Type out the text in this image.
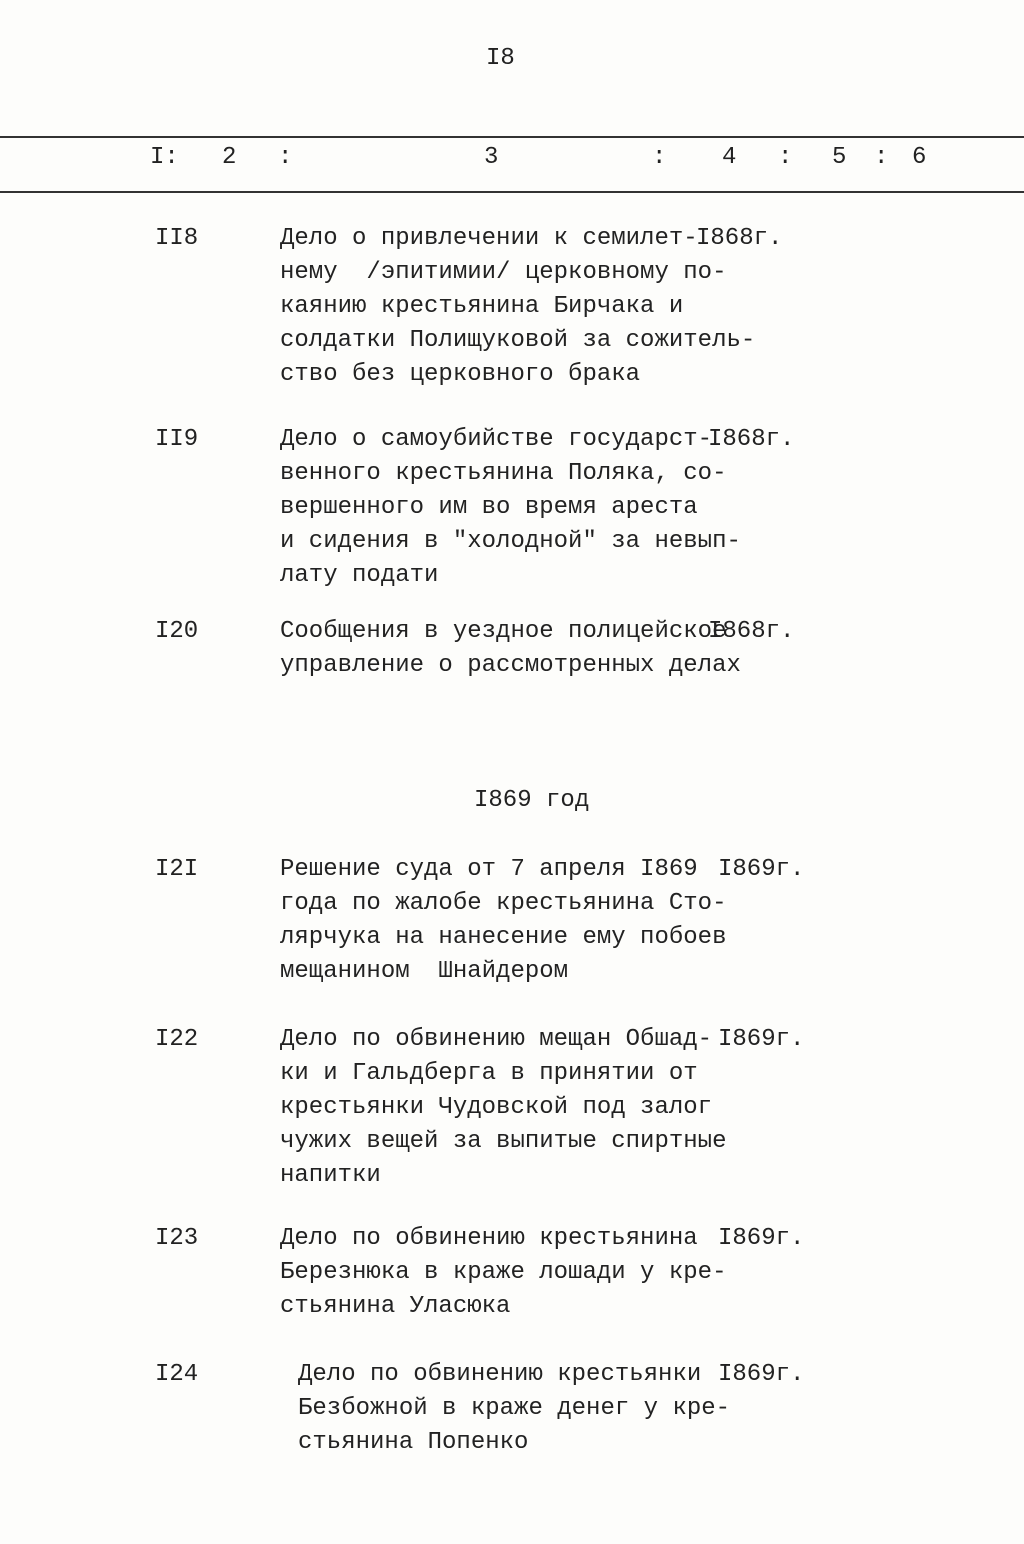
I8
I: 2 :	3	: 4 : 5 : 6
II8	Дело о привлечении к семилет-
нему  /эпитимии/ церковному по-
каянию крестьянина Бирчака и
солдатки Полищуковой за сожитель-
ство без церковного брака
I868г.
II9	Дело о самоубийстве государст-
венного крестьянина Поляка, со-
вершенного им во время ареста
и сидения в "холодной" за невып-
лату подати
I868г.
I20	Сообщения в уездное полицейское
управление о рассмотренных делах
I868г.
I869 год
I2I	Решение суда от 7 апреля I869
года по жалобе крестьянина Сто-
лярчука на нанесение ему побоев
мещанином  Шнайдером
I869г.
I22	Дело по обвинению мещан Обшад-
ки и Гальдберга в принятии от
крестьянки Чудовской под залог
чужих вещей за выпитые спиртные
напитки
I869г.
I23	Дело по обвинению крестьянина
Березнюка в краже лошади у кре-
стьянина Уласюка
I869г.
I24	Дело по обвинению крестьянки
Безбожной в краже денег у кре-
стьянина Попенко
I869г.
